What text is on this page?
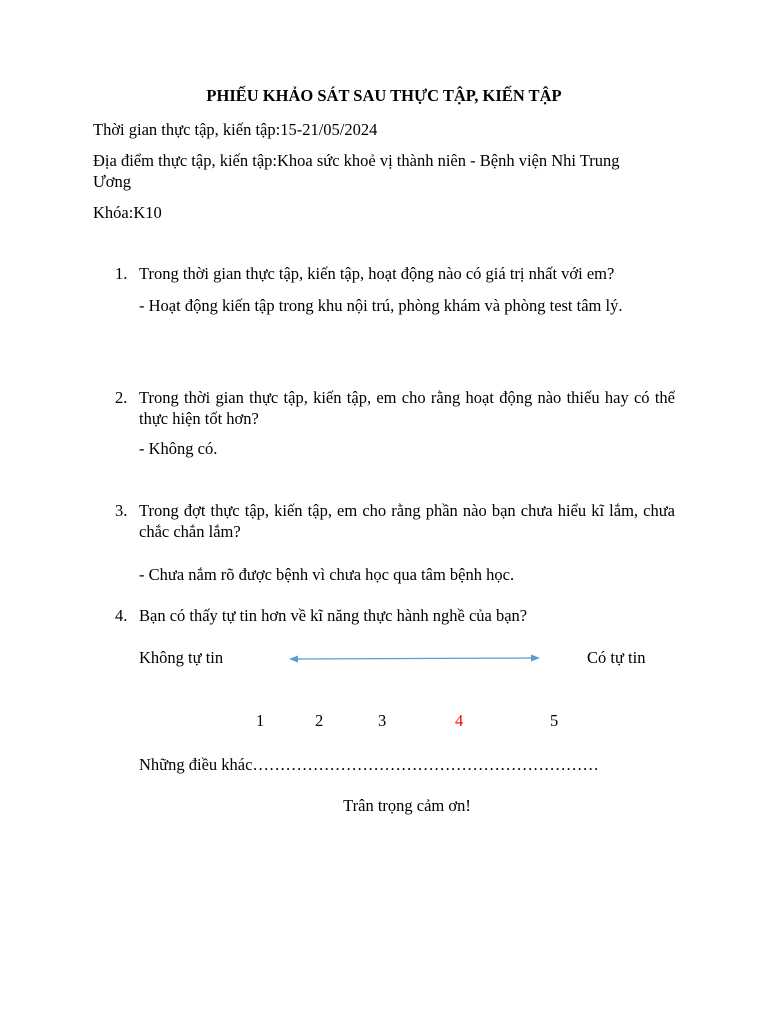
PHIẾU KHẢO SÁT SAU THỰC TẬP, KIẾN TẬP
Thời gian thực tập, kiến tập:15-21/05/2024
Địa điểm thực tập, kiến tập:Khoa sức khoẻ vị thành niên - Bệnh viện Nhi Trung
Ương
Khóa:K10
1. Trong thời gian thực tập, kiến tập, hoạt động nào có giá trị nhất với em?
- Hoạt động kiến tập trong khu nội trú, phòng khám và phòng test tâm lý.
2. Trong thời gian thực tập, kiến tập, em cho rằng hoạt động nào thiếu hay có thể thực hiện tốt hơn?
- Không có.
3. Trong đợt thực tập, kiến tập, em cho rằng phần nào bạn chưa hiểu kĩ lắm, chưa chắc chắn lắm?
- Chưa nắm rõ được bệnh vì chưa học qua tâm bệnh học.
4. Bạn có thấy tự tin hơn về kĩ năng thực hành nghề của bạn?
Không tự tin	Có tự tin
1	2	3	4	5
Những điều khác………………………………………………………
Trân trọng cảm ơn!
